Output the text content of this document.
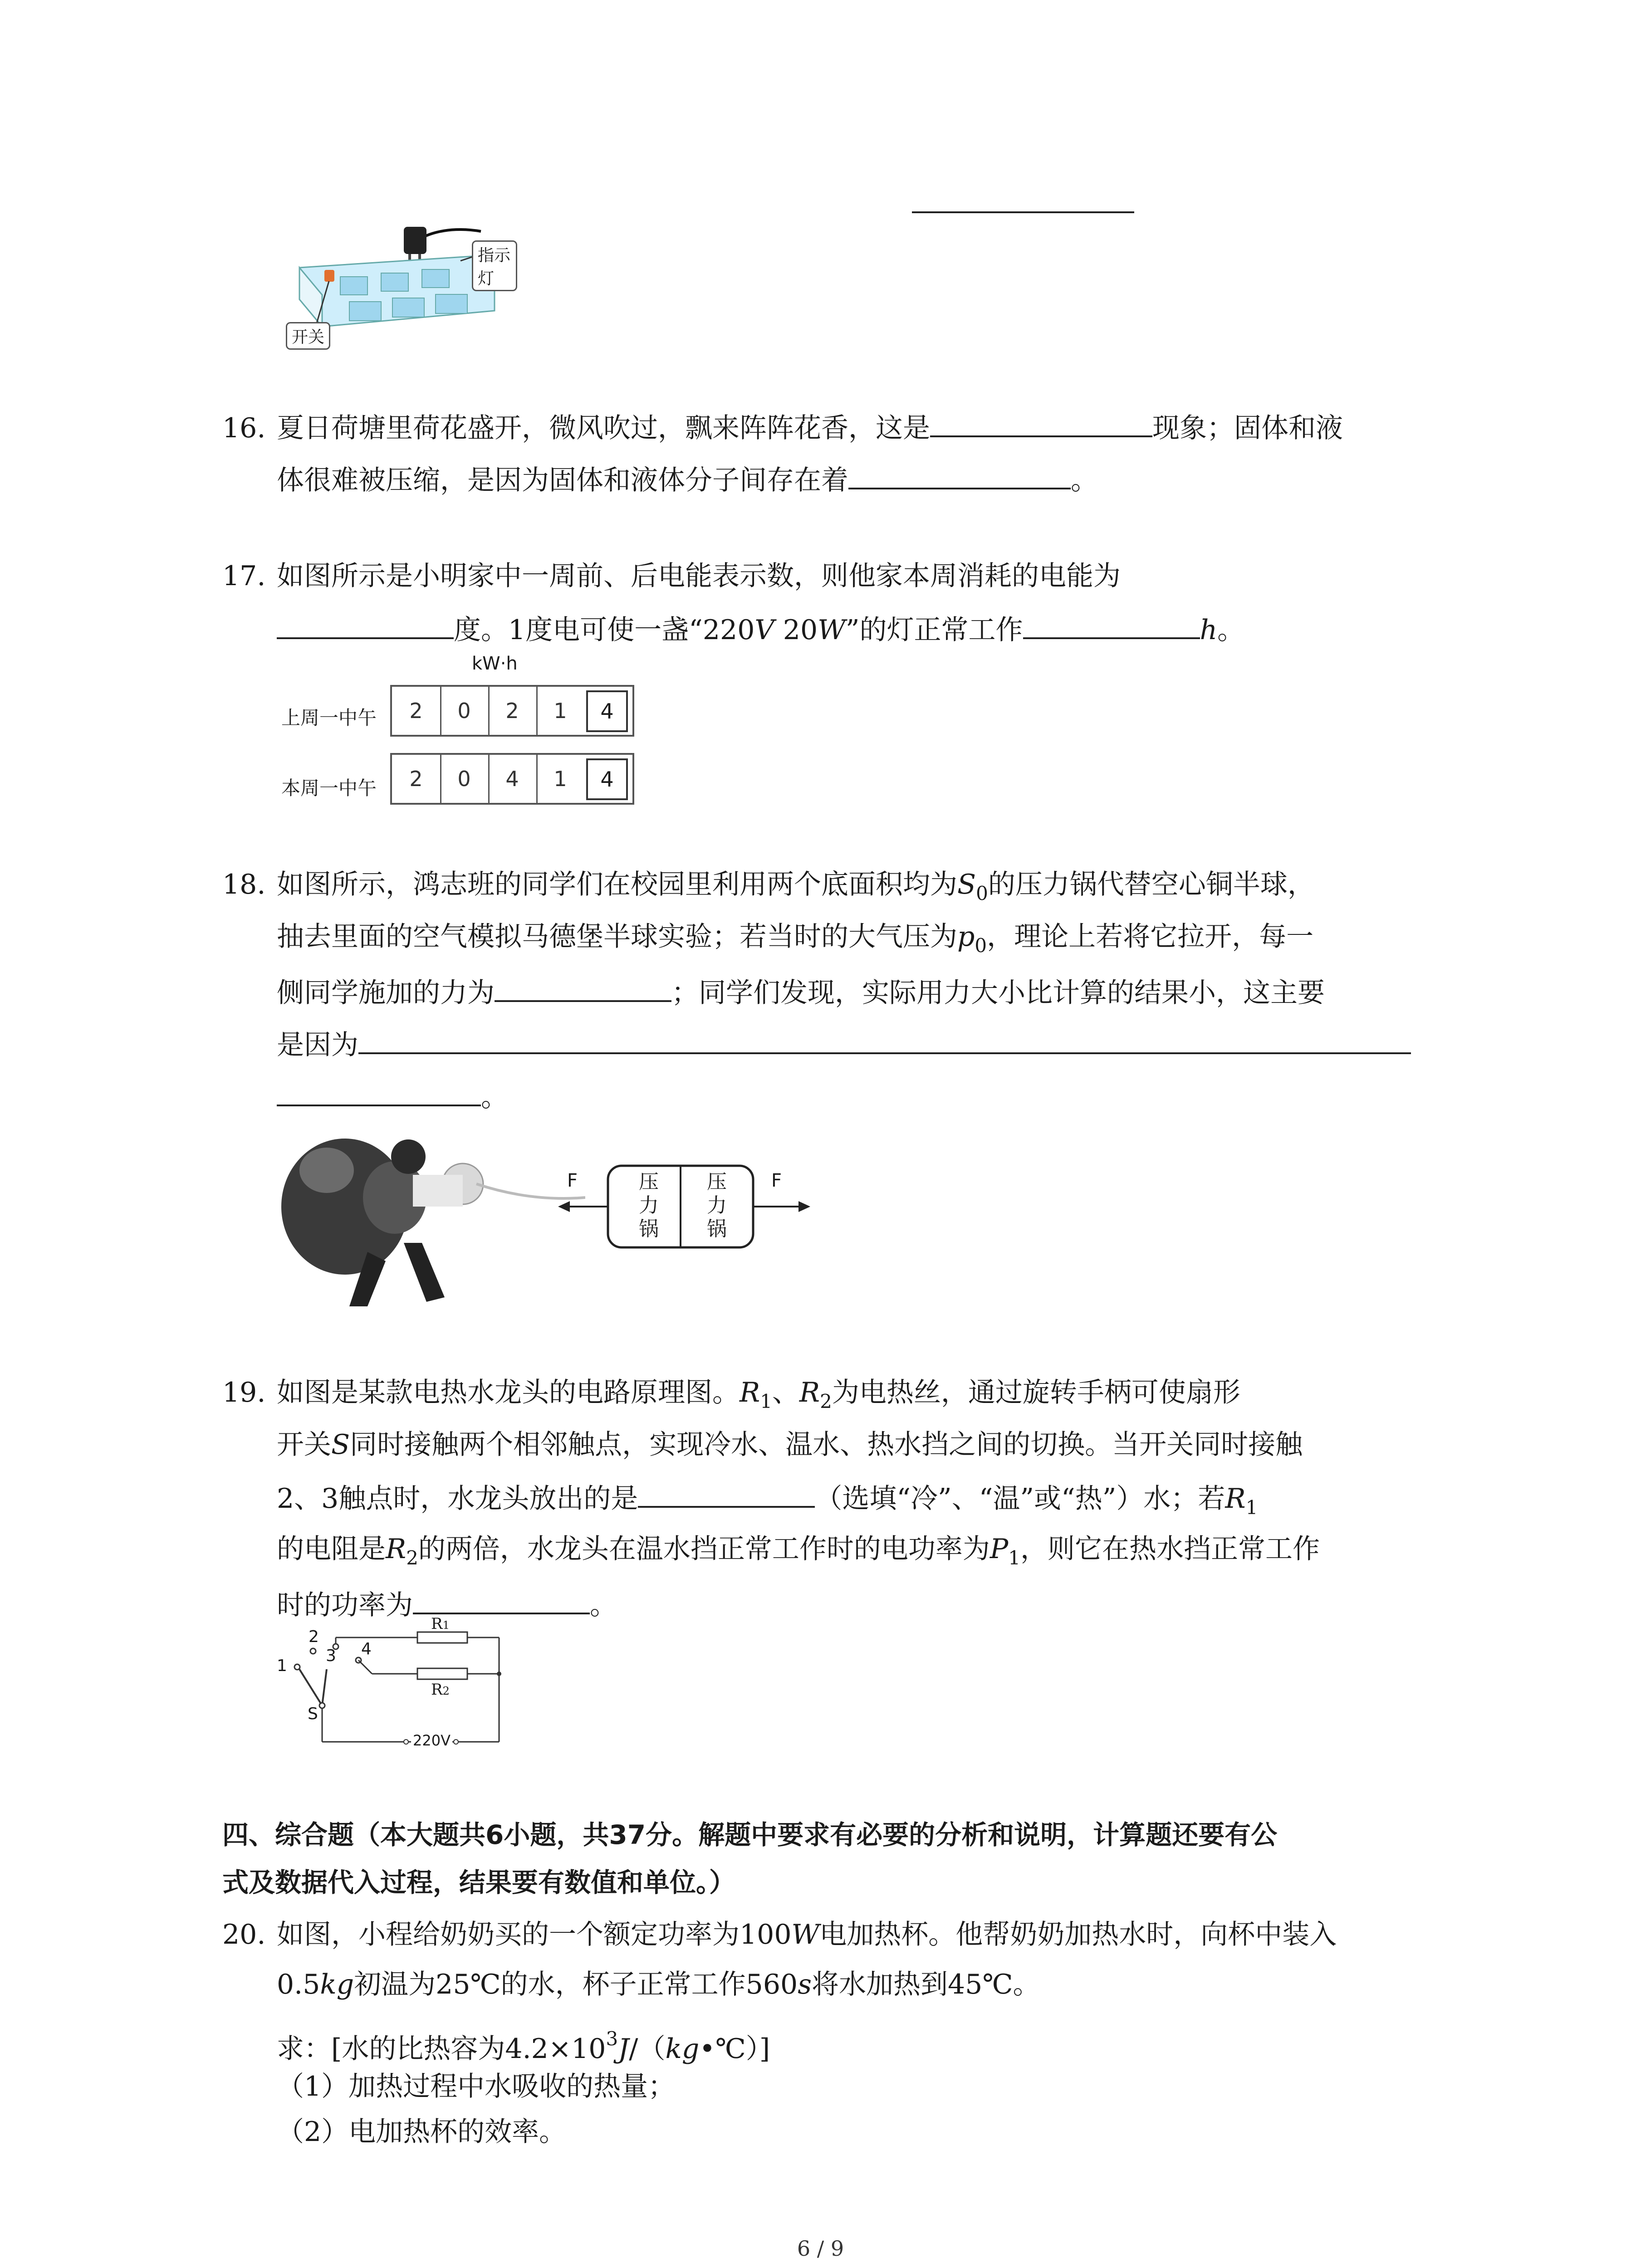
指示灯
开关
16. 夏日荷塘里荷花盛开，微风吹过，飘来阵阵花香，这是	现象；固体和液
体很难被压缩，是因为固体和液体分子间存在着	。
17. 如图所示是小明家中一周前、后电能表示数，则他家本周消耗的电能为
度。1度电可使一盏“220V 20W”的灯正常工作	h。
kW·h
上周一中午	2	0	2	1	4
本周一中午	2	0	4	1	4
18. 如图所示，鸿志班的同学们在校园里利用两个底面积均为$S_0$的压力锅代替空心铜半球，
抽去里面的空气模拟马德堡半球实验；若当时的大气压为$p_0$，理论上若将它拉开，每一
侧同学施加的力为	；同学们发现，实际用力大小比计算的结果小，这主要
是因为
。
F	F
压
力
锅
压
力
锅
19. 如图是某款电热水龙头的电路原理图。$R_1$、$R_2$为电热丝，通过旋转手柄可使扇形
开关S同时接触两个相邻触点，实现冷水、温水、热水挡之间的切换。当开关同时接触
2、3触点时，水龙头放出的是	（选填“冷”、“温”或“热”）水；若$R_1$
的电阻是$R_2$的两倍，水龙头在温水挡正常工作时的电功率为$P_1$，则它在热水挡正常工作
时的功率为	。
1
2
3 4
S
R1
R2
220V
四、综合题（本大题共6小题，共37分。解题中要求有必要的分析和说明，计算题还要有公
式及数据代入过程，结果要有数值和单位。）
20. 如图，小程给奶奶买的一个额定功率为100W电加热杯。他帮奶奶加热水时，向杯中装入
0.5kg初温为25℃的水，杯子正常工作560s将水加热到45℃。
求：[水的比热容为$4.2\times 10^3J/(kg•℃)$]
（1）加热过程中水吸收的热量；
（2）电加热杯的效率。
6 / 9
